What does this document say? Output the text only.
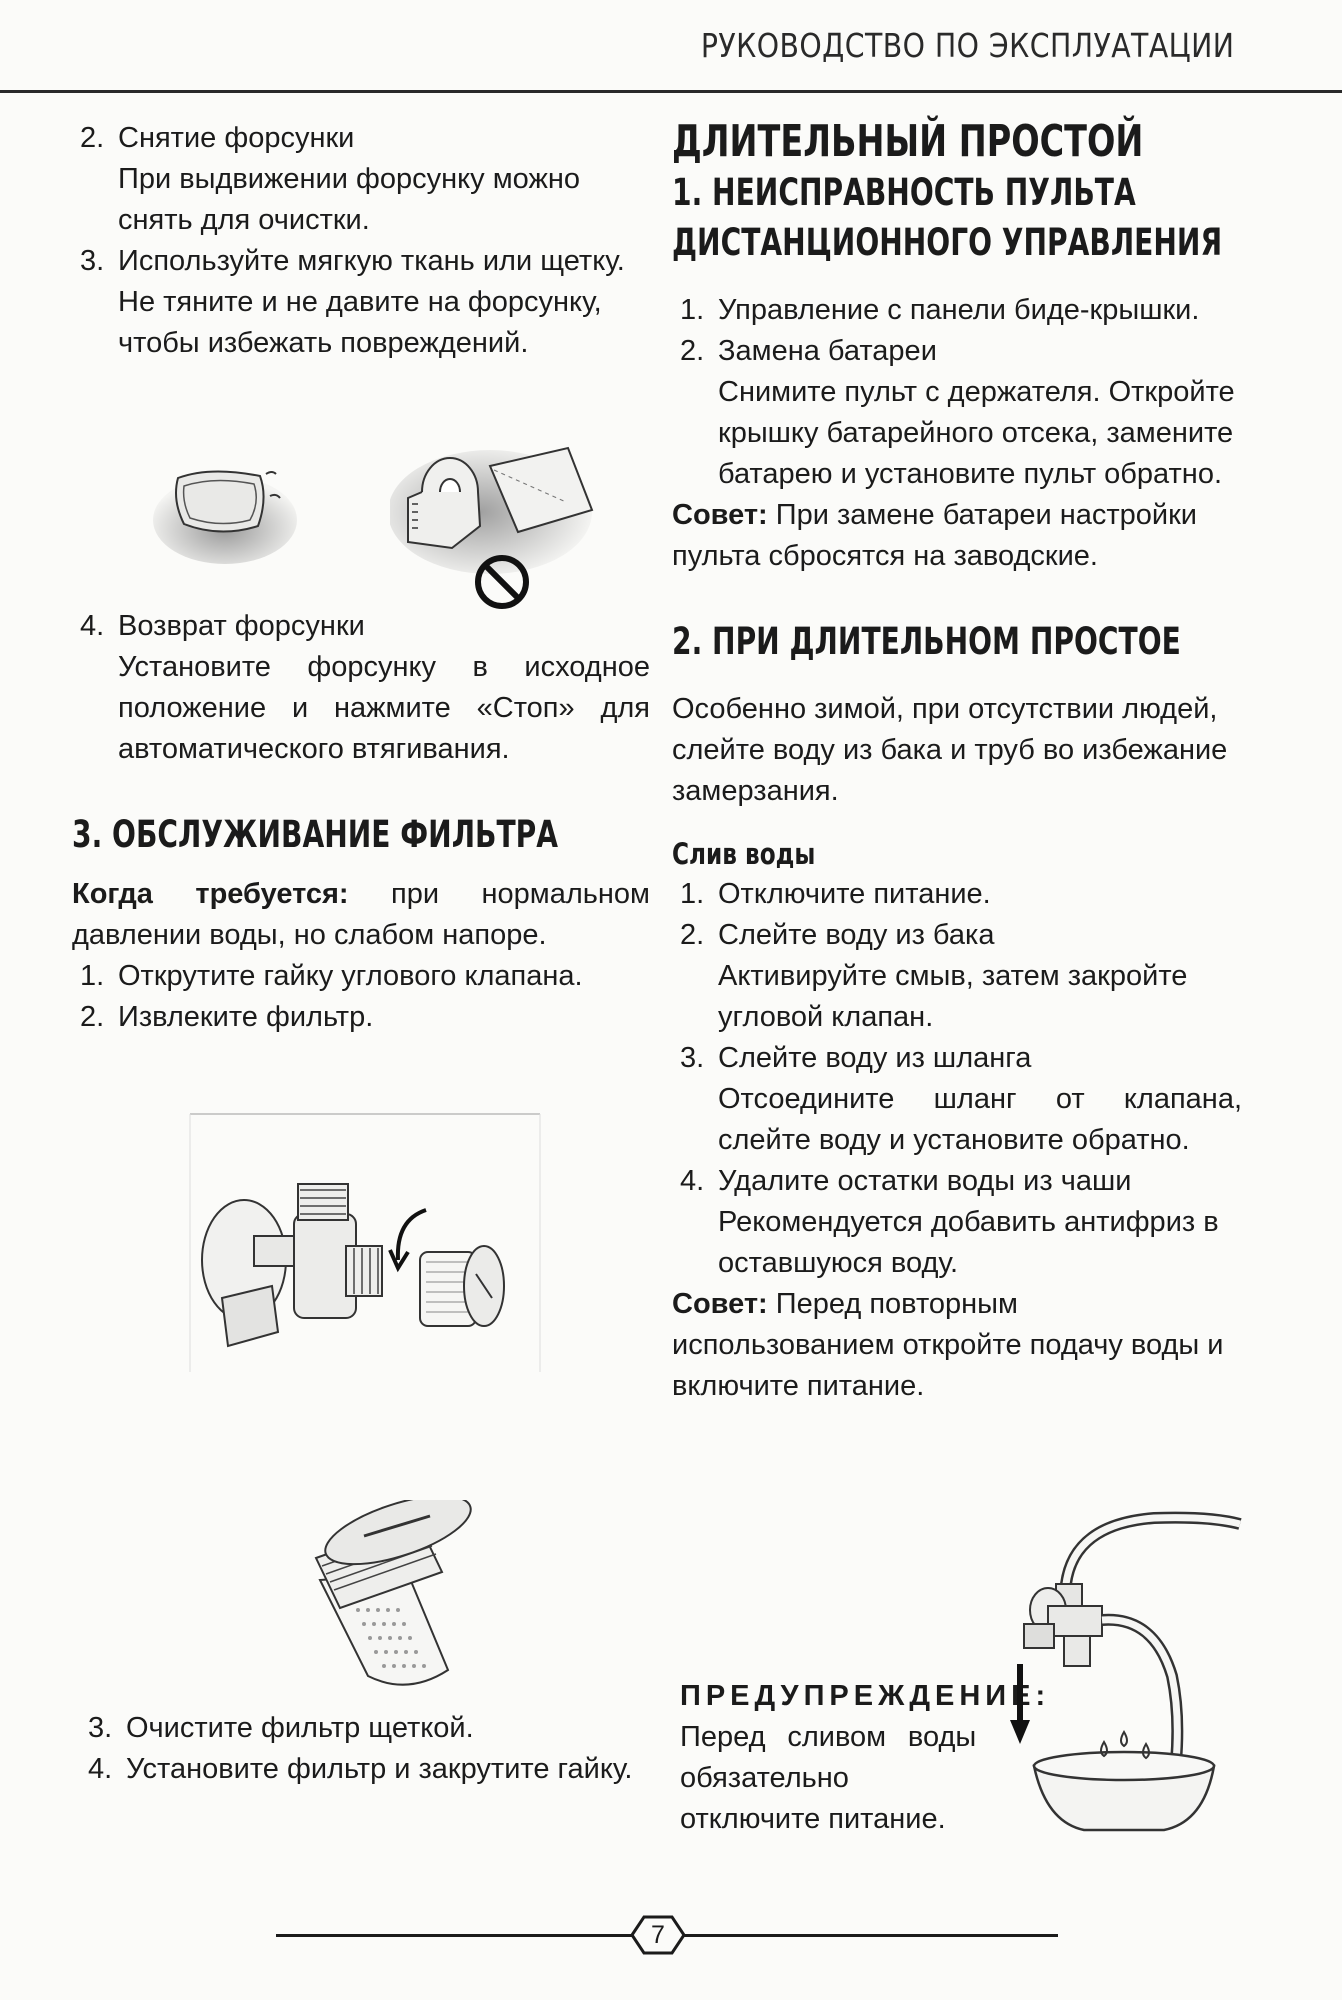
РУКОВОДСТВО ПО ЭКСПЛУАТАЦИИ
2. Снятие форсунки
При выдвижении форсунку можно снять для очистки.
3. Используйте мягкую ткань или щетку.
Не тяните и не давите на форсунку, чтобы избежать повреждений.
4. Возврат форсунки
Установите форсунку в исходное положение и нажмите «Стоп» для автоматического втягивания.
3. ОБСЛУЖИВАНИЕ ФИЛЬТРА

Когда требуется: при нормальном давлении воды, но слабом напоре.

1. Открутите гайку углового клапана.
2. Извлеките фильтр.
3. Очистите фильтр щеткой.
4. Установите фильтр и закрутите гайку.
ДЛИТЕЛЬНЫЙ ПРОСТОЙ
1. НЕИСПРАВНОСТЬ ПУЛЬТА
ДИСТАНЦИОННОГО УПРАВЛЕНИЯ
1. Управление с панели биде-крышки.
2. Замена батареи
Снимите пульт с держателя. Откройте крышку батарейного отсека, замените батарею и установите пульт обратно.

Совет: При замене батареи настройки пульта сбросятся на заводские.

2. ПРИ ДЛИТЕЛЬНОМ ПРОСТОЕ

Особенно зимой, при отсутствии людей, слейте воду из бака и труб во избежание замерзания.

Слив воды
1. Отключите питание.
2. Слейте воду из бака
Активируйте смыв, затем закройте угловой клапан.
3. Слейте воду из шланга
Отсоедините шланг от клапана, слейте воду и установите обратно.
4. Удалите остатки воды из чаши
Рекомендуется добавить антифриз в оставшуюся воду.

Совет: Перед повторным использованием откройте подачу воды и включите питание.

ПРЕДУПРЕЖДЕНИЕ: Перед сливом воды обязательно отключите питание.

7
